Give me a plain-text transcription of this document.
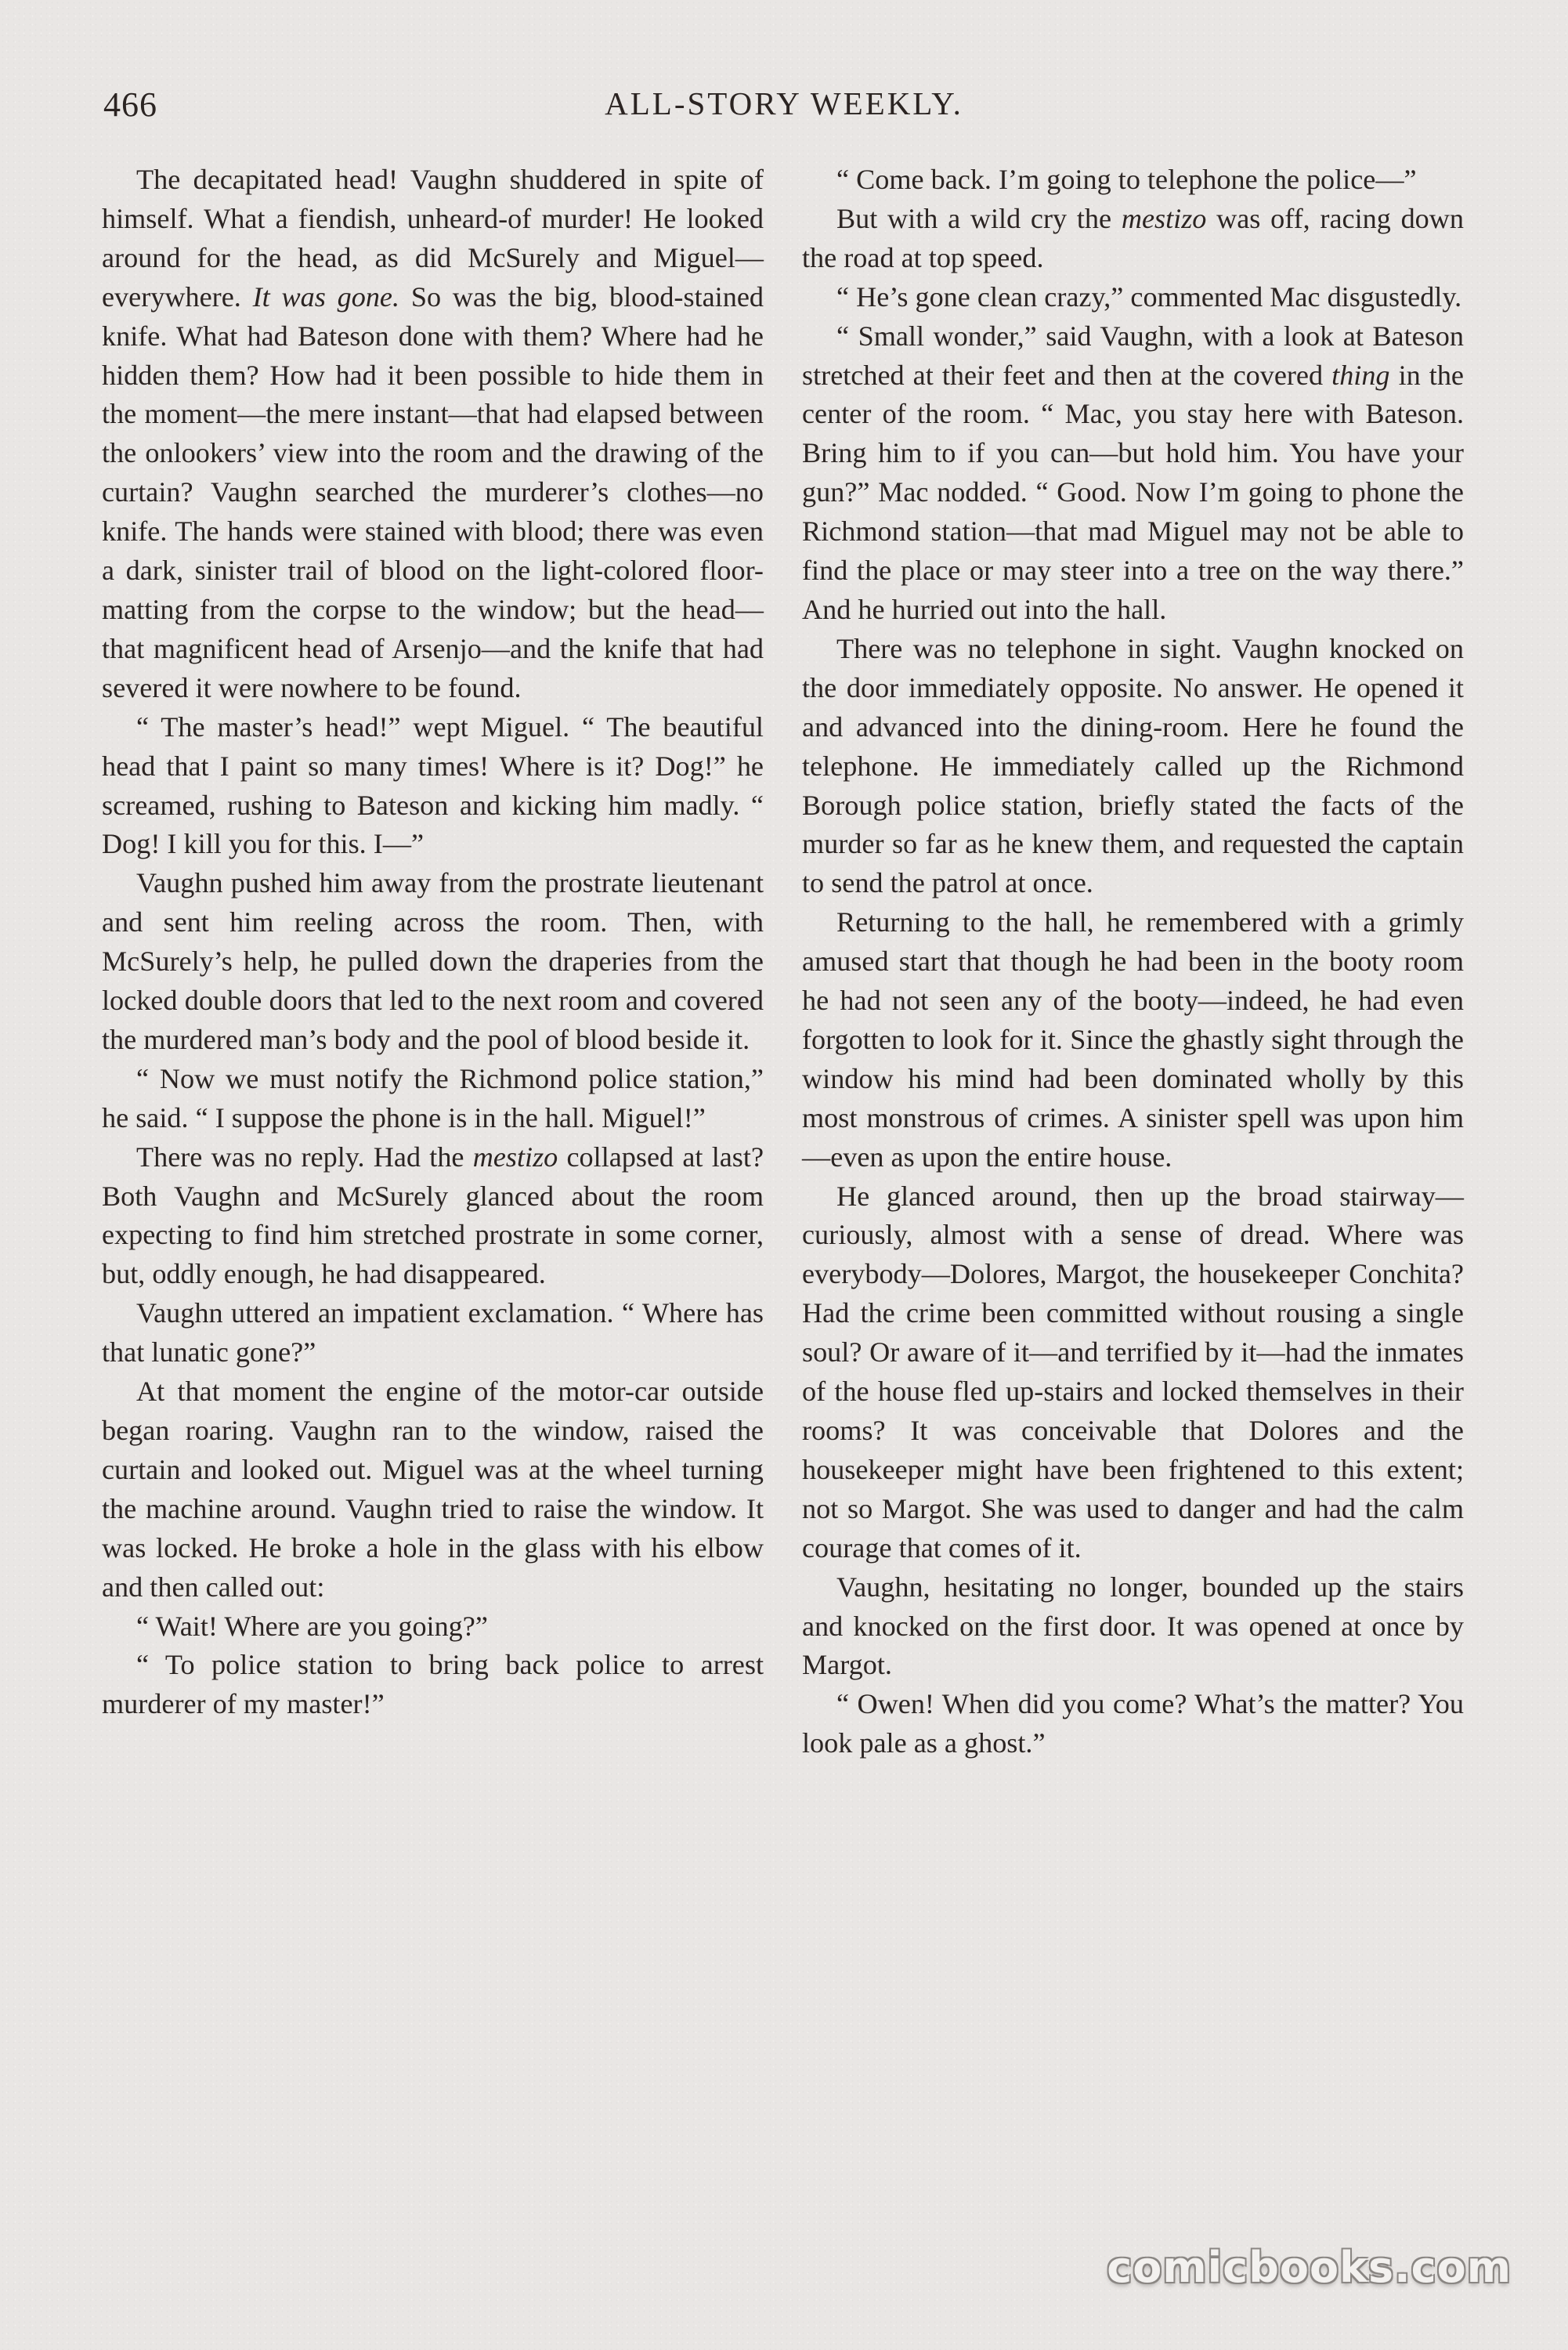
466	ALL-STORY WEEKLY.

The decapitated head! Vaughn shuddered in spite of himself. What a fiendish, unheard-of murder! He looked around for the head, as did McSurely and Miguel—everywhere. It was gone. So was the big, blood-stained knife. What had Bateson done with them? Where had he hidden them? How had it been possible to hide them in the moment—the mere instant—that had elapsed between the onlookers’ view into the room and the drawing of the curtain? Vaughn searched the murderer’s clothes—no knife. The hands were stained with blood; there was even a dark, sinister trail of blood on the light-colored floor-matting from the corpse to the window; but the head—that magnificent head of Arsenjo—and the knife that had severed it were nowhere to be found.

“ The master’s head!” wept Miguel. “ The beautiful head that I paint so many times! Where is it? Dog!” he screamed, rushing to Bateson and kicking him madly. “ Dog! I kill you for this. I—”

Vaughn pushed him away from the prostrate lieutenant and sent him reeling across the room. Then, with McSurely’s help, he pulled down the draperies from the locked double doors that led to the next room and covered the murdered man’s body and the pool of blood beside it.

“ Now we must notify the Richmond police station,” he said. “ I suppose the phone is in the hall. Miguel!”

There was no reply. Had the mestizo collapsed at last? Both Vaughn and McSurely glanced about the room expecting to find him stretched prostrate in some corner, but, oddly enough, he had disappeared.

Vaughn uttered an impatient exclamation. “ Where has that lunatic gone?”

At that moment the engine of the motor-car outside began roaring. Vaughn ran to the window, raised the curtain and looked out. Miguel was at the wheel turning the machine around. Vaughn tried to raise the window. It was locked. He broke a hole in the glass with his elbow and then called out:

“ Wait! Where are you going?”

“ To police station to bring back police to arrest murderer of my master!”

“ Come back. I’m going to telephone the police—”

But with a wild cry the mestizo was off, racing down the road at top speed.

“ He’s gone clean crazy,” commented Mac disgustedly.

“ Small wonder,” said Vaughn, with a look at Bateson stretched at their feet and then at the covered thing in the center of the room. “ Mac, you stay here with Bateson. Bring him to if you can—but hold him. You have your gun?” Mac nodded. “ Good. Now I’m going to phone the Richmond station—that mad Miguel may not be able to find the place or may steer into a tree on the way there.” And he hurried out into the hall.

There was no telephone in sight. Vaughn knocked on the door immediately opposite. No answer. He opened it and advanced into the dining-room. Here he found the telephone. He immediately called up the Richmond Borough police station, briefly stated the facts of the murder so far as he knew them, and requested the captain to send the patrol at once.

Returning to the hall, he remembered with a grimly amused start that though he had been in the booty room he had not seen any of the booty—indeed, he had even forgotten to look for it. Since the ghastly sight through the window his mind had been dominated wholly by this most monstrous of crimes. A sinister spell was upon him—even as upon the entire house.

He glanced around, then up the broad stairway—curiously, almost with a sense of dread. Where was everybody—Dolores, Margot, the housekeeper Conchita? Had the crime been committed without rousing a single soul? Or aware of it—and terrified by it—had the inmates of the house fled up-stairs and locked themselves in their rooms? It was conceivable that Dolores and the housekeeper might have been frightened to this extent; not so Margot. She was used to danger and had the calm courage that comes of it.

Vaughn, hesitating no longer, bounded up the stairs and knocked on the first door. It was opened at once by Margot.

“ Owen! When did you come? What’s the matter? You look pale as a ghost.”

comicbooks.com
